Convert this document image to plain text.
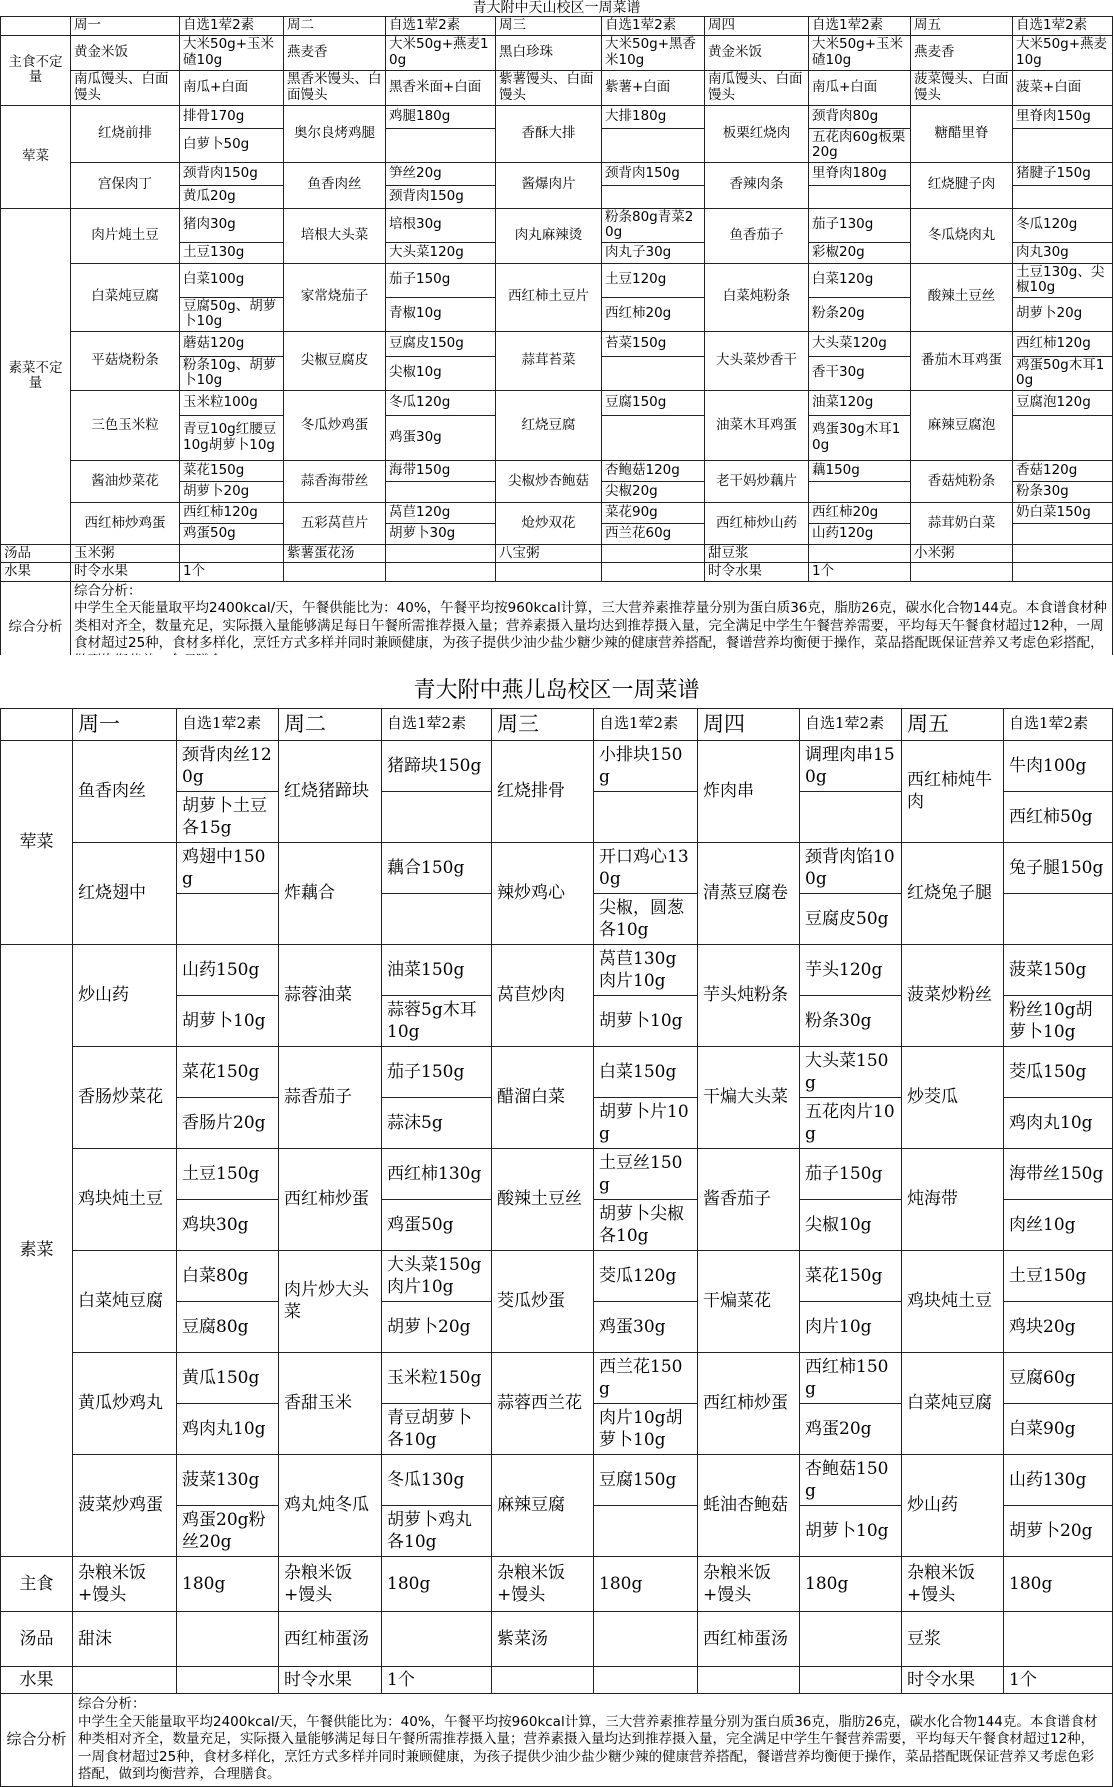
青大附中天山校区一周菜谱										
	周一	自选1荤2素	周二	自选1荤2素	周三	自选1荤2素	周四	自选1荤2素	周五	自选1荤2素
主食不定量	黄金米饭	大米50g+玉米碴10g	燕麦香	大米50g+燕麦10g	黑白珍珠	大米50g+黑香米10g	黄金米饭	大米50g+玉米碴10g	燕麦香	大米50g+燕麦10g
	南瓜馒头、白面馒头	南瓜+白面	黑香米馒头、白面馒头	黑香米面+白面	紫薯馒头、白面馒头	紫薯+白面	南瓜馒头、白面馒头	南瓜+白面	菠菜馒头、白面馒头	菠菜+白面
荤菜	红烧前排	排骨170g	奥尔良烤鸡腿	鸡腿180g	香酥大排	大排180g	板栗红烧肉	颈背肉80g	糖醋里脊	里脊肉150g
		白萝卜50g						五花肉60g板栗20g		
	宫保肉丁	颈背肉150g	鱼香肉丝	笋丝20g	酱爆肉片	颈背肉150g	香辣肉条	里脊肉180g	红烧腱子肉	猪腱子150g
		黄瓜20g		颈背肉150g						
素菜不定量	肉片炖土豆	猪肉30g	培根大头菜	培根30g	肉丸麻辣烫	粉条80g青菜20g	鱼香茄子	茄子130g	冬瓜烧肉丸	冬瓜120g
		土豆130g		大头菜120g		肉丸子30g		彩椒20g		肉丸30g
	白菜炖豆腐	白菜100g	家常烧茄子	茄子150g	西红柿土豆片	土豆120g	白菜炖粉条	白菜120g	酸辣土豆丝	土豆130g、尖椒10g
		豆腐50g、胡萝卜10g		青椒10g		西红柿20g		粉条20g		胡萝卜20g
	平菇烧粉条	蘑菇120g	尖椒豆腐皮	豆腐皮150g	蒜茸苔菜	苔菜150g	大头菜炒香干	大头菜120g	番茄木耳鸡蛋	西红柿120g
		粉条10g、胡萝卜10g		尖椒10g				香干30g		鸡蛋50g木耳10g
	三色玉米粒	玉米粒100g	冬瓜炒鸡蛋	冬瓜120g	红烧豆腐	豆腐150g	油菜木耳鸡蛋	油菜120g	麻辣豆腐泡	豆腐泡120g
		青豆10g红腰豆10g胡萝卜10g		鸡蛋30g				鸡蛋30g木耳10g		
	酱油炒菜花	菜花150g	蒜香海带丝	海带150g	尖椒炒杏鲍菇	杏鲍菇120g	老干妈炒藕片	藕150g	香菇炖粉条	香菇120g
		胡萝卜20g				尖椒20g				粉条30g
	西红柿炒鸡蛋	西红柿120g	五彩莴苣片	莴苣120g	炝炒双花	菜花90g	西红柿炒山药	西红柿20g	蒜茸奶白菜	奶白菜150g
		鸡蛋50g		胡萝卜30g		西兰花60g		山药120g		
汤品	玉米粥		紫薯蛋花汤		八宝粥		甜豆浆		小米粥	
水果	时令水果	1个					时令水果	1个		
综合分析	综合分析：
中学生全天能量取平均2400kcal/天，午餐供能比为：40%，午餐平均按960kcal计算，三大营养素推荐量分别为蛋白质36克，脂肪26克，碳水化合物144克。本食谱食材种类相对齐全，数量充足，实际摄入量能够满足每日午餐所需推荐摄入量；营养素摄入量均达到推荐摄入量，完全满足中学生午餐营养需要，平均每天午餐食材超过12种，一周食材超过25种，食材多样化，烹饪方式多样并同时兼顾健康，为孩子提供少油少盐少糖少辣的健康营养搭配，餐谱营养均衡便于操作，菜品搭配既保证营养又考虑色彩搭配，									
青大附中燕儿岛校区一周菜谱										
	周一	自选1荤2素	周二	自选1荤2素	周三	自选1荤2素	周四	自选1荤2素	周五	自选1荤2素
荤菜	鱼香肉丝	颈背肉丝120g	红烧猪蹄块	猪蹄块150g	红烧排骨	小排块150g	炸肉串	调理肉串150g	西红柿炖牛肉	牛肉100g
		胡萝卜土豆各15g								西红柿50g
	红烧翅中	鸡翅中150g	炸藕合	藕合150g	辣炒鸡心	开口鸡心130g	清蒸豆腐卷	颈背肉馅100g	红烧兔子腿	兔子腿150g
						尖椒，圆葱各10g		豆腐皮50g		
素菜	炒山药	山药150g	蒜蓉油菜	油菜150g	莴苣炒肉	莴苣130g肉片10g	芋头炖粉条	芋头120g	菠菜炒粉丝	菠菜150g
		胡萝卜10g		蒜蓉5g木耳10g		胡萝卜10g		粉条30g		粉丝10g胡萝卜10g
	香肠炒菜花	菜花150g	蒜香茄子	茄子150g	醋溜白菜	白菜150g	干煸大头菜	大头菜150g	炒茭瓜	茭瓜150g
		香肠片20g		蒜沫5g		胡萝卜片10g		五花肉片10g		鸡肉丸10g
	鸡块炖土豆	土豆150g	西红柿炒蛋	西红柿130g	酸辣土豆丝	土豆丝150g	酱香茄子	茄子150g	炖海带	海带丝150g
		鸡块30g		鸡蛋50g		胡萝卜尖椒各10g		尖椒10g		肉丝10g
	白菜炖豆腐	白菜80g	肉片炒大头菜	大头菜150g肉片10g	茭瓜炒蛋	茭瓜120g	干煸菜花	菜花150g	鸡块炖土豆	土豆150g
		豆腐80g		胡萝卜20g		鸡蛋30g		肉片10g		鸡块20g
	黄瓜炒鸡丸	黄瓜150g	香甜玉米	玉米粒150g	蒜蓉西兰花	西兰花150g	西红柿炒蛋	西红柿150g	白菜炖豆腐	豆腐60g
		鸡肉丸10g		青豆胡萝卜各10g		肉片10g胡萝卜10g		鸡蛋20g		白菜90g
	菠菜炒鸡蛋	菠菜130g	鸡丸炖冬瓜	冬瓜130g	麻辣豆腐	豆腐150g	蚝油杏鲍菇	杏鲍菇150g	炒山药	山药130g
		鸡蛋20g粉丝20g		胡萝卜鸡丸各10g				胡萝卜10g		胡萝卜20g
主食	杂粮米饭+馒头	180g	杂粮米饭+馒头	180g	杂粮米饭+馒头	180g	杂粮米饭+馒头	180g	杂粮米饭+馒头	180g
汤品	甜沫		西红柿蛋汤		紫菜汤		西红柿蛋汤		豆浆	
水果			时令水果	1个					时令水果	1个
综合分析	综合分析：
中学生全天能量取平均2400kcal/天，午餐供能比为：40%，午餐平均按960kcal计算，三大营养素推荐量分别为蛋白质36克，脂肪26克，碳水化合物144克。本食谱食材种类相对齐全，数量充足，实际摄入量能够满足每日午餐所需推荐摄入量；营养素摄入量均达到推荐摄入量，完全满足中学生午餐营养需要，平均每天午餐食材超过12种，一周食材超过25种，食材多样化，烹饪方式多样并同时兼顾健康，为孩子提供少油少盐少糖少辣的健康营养搭配，餐谱营养均衡便于操作，菜品搭配既保证营养又考虑色彩搭配，做到均衡营养，合理膳食。									
